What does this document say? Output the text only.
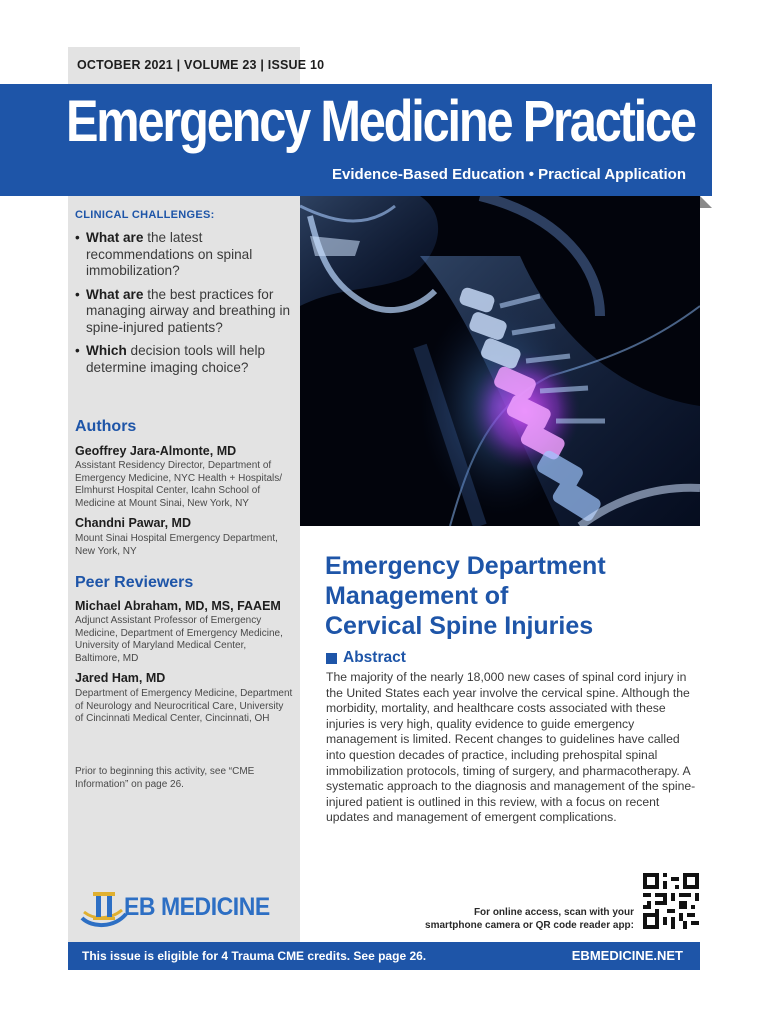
OCTOBER 2021 | VOLUME 23 | ISSUE 10
Emergency Medicine Practice
Evidence-Based Education • Practical Application
CLINICAL CHALLENGES:
• What are the latest recommendations on spinal immobilization?
• What are the best practices for managing airway and breathing in spine-injured patients?
• Which decision tools will help determine imaging choice?
Authors
Geoffrey Jara-Almonte, MD
Assistant Residency Director, Department of Emergency Medicine, NYC Health + Hospitals/ Elmhurst Hospital Center, Icahn School of Medicine at Mount Sinai, New York, NY
Chandni Pawar, MD
Mount Sinai Hospital Emergency Department, New York, NY
Peer Reviewers
Michael Abraham, MD, MS, FAAEM
Adjunct Assistant Professor of Emergency Medicine, Department of Emergency Medicine, University of Maryland Medical Center, Baltimore, MD
Jared Ham, MD
Department of Emergency Medicine, Department of Neurology and Neurocritical Care, University of Cincinnati Medical Center, Cincinnati, OH
Prior to beginning this activity, see “CME Information” on page 26.
Emergency Department
Management of
Cervical Spine Injuries
Abstract
The majority of the nearly 18,000 new cases of spinal cord injury in the United States each year involve the cervical spine. Although the morbidity, mortality, and healthcare costs associated with these injuries is very high, quality evidence to guide emergency management is limited. Recent changes to guidelines have called into question decades of practice, including prehospital spinal immobilization protocols, timing of surgery, and pharmacotherapy. A systematic approach to the diagnosis and management of the spine-injured patient is outlined in this review, with a focus on recent updates and management of emergent complications.
EB MEDICINE	For online access, scan with your
smartphone camera or QR code reader app:
This issue is eligible for 4 Trauma CME credits. See page 26.	EBMEDICINE.NET
